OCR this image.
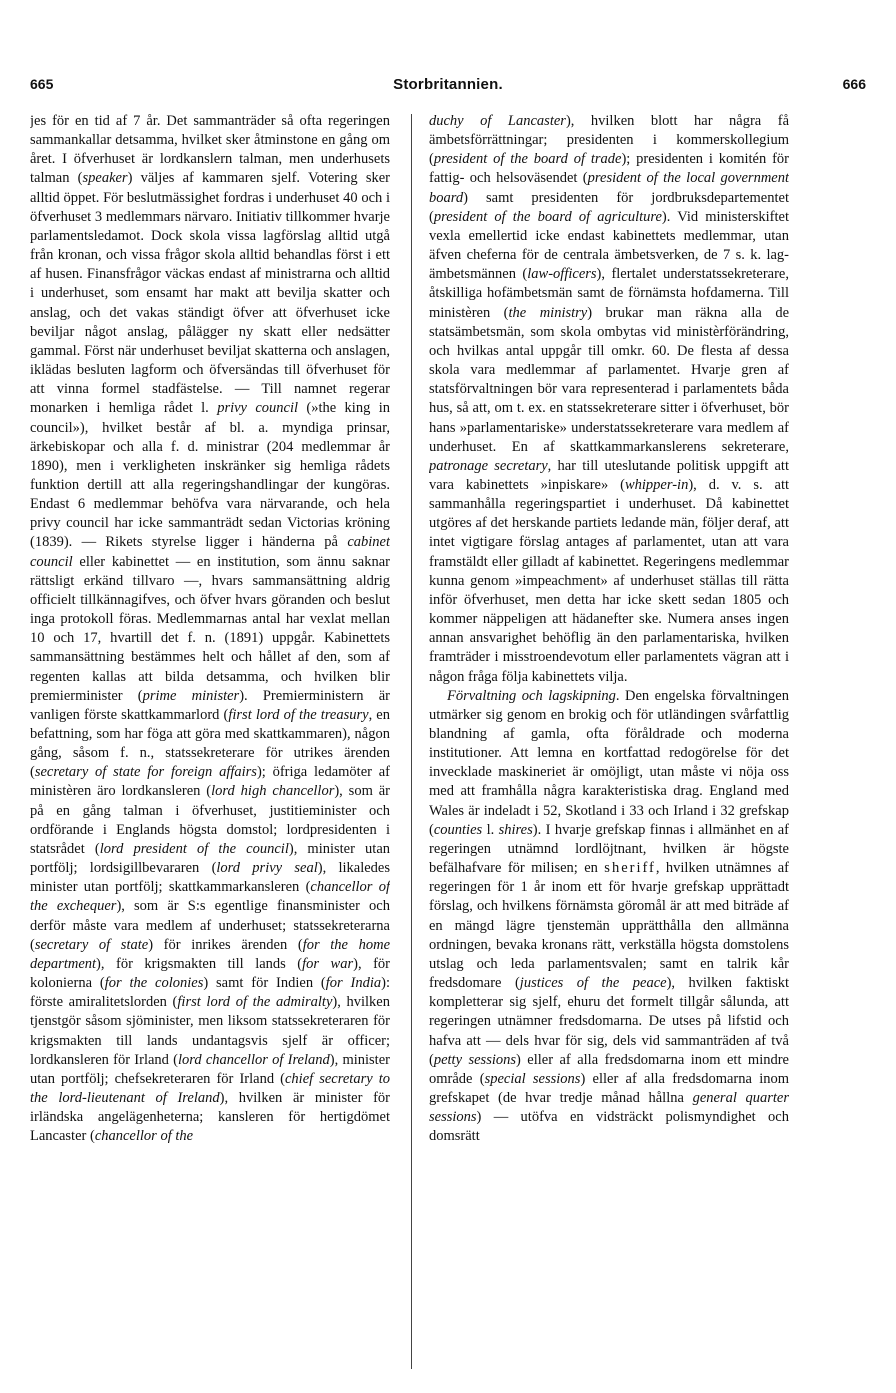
665	Storbritannien.	666

jes för en tid af 7 år. Det sammanträder så ofta regeringen sammankallar detsamma, hvilket sker åtminstone en gång om året. I öfverhuset är lordkanslern talman, men underhusets talman (speaker) väljes af kammaren sjelf. Votering sker alltid öppet. För beslutmässighet fordras i underhuset 40 och i öfverhuset 3 medlemmars närvaro. Initiativ tillkommer hvarje parlamentsledamot. Dock skola vissa lagförslag alltid utgå från kronan, och vissa frågor skola alltid behandlas först i ett af husen. Finansfrågor väckas endast af ministrarna och alltid i underhuset, som ensamt har makt att bevilja skatter och anslag, och det vakas ständigt öfver att öfverhuset icke beviljar något anslag, pålägger ny skatt eller nedsätter gammal. Först när underhuset beviljat skatterna och anslagen, iklädas besluten lagform och öfversändas till öfverhuset för att vinna formel stadfästelse. — Till namnet regerar monarken i hemliga rådet l. privy council (»the king in council»), hvilket består af bl. a. myndiga prinsar, ärkebiskopar och alla f. d. ministrar (204 medlemmar år 1890), men i verkligheten inskränker sig hemliga rådets funktion dertill att alla regeringshandlingar der kungöras. Endast 6 medlemmar behöfva vara närvarande, och hela privy council har icke sammanträdt sedan Victorias kröning (1839). — Rikets styrelse ligger i händerna på cabinet council eller kabinettet — en institution, som ännu saknar rättsligt erkänd tillvaro —, hvars sammansättning aldrig officielt tillkännagifves, och öfver hvars göranden och beslut inga protokoll föras. Medlemmarnas antal har vexlat mellan 10 och 17, hvartill det f. n. (1891) uppgår. Kabinettets sammansättning bestämmes helt och hållet af den, som af regenten kallas att bilda detsamma, och hvilken blir premierminister (prime minister). Premierministern är vanligen förste skattkammarlord (first lord of the treasury, en befattning, som har föga att göra med skattkammaren), någon gång, såsom f. n., statssekreterare för utrikes ärenden (secretary of state for foreign affairs); öfriga ledamöter af ministèren äro lordkansleren (lord high chancellor), som är på en gång talman i öfverhuset, justitieminister och ordförande i Englands högsta domstol; lordpresidenten i statsrådet (lord president of the council), minister utan portfölj; lordsigillbevararen (lord privy seal), likaledes minister utan portfölj; skattkammarkansleren (chancellor of the exchequer), som är S:s egentlige finansminister och derför måste vara medlem af underhuset; statssekreterarna (secretary of state) för inrikes ärenden (for the home department), för krigsmakten till lands (for war), för kolonierna (for the colonies) samt för Indien (for India): förste amiralitetslorden (first lord of the admiralty), hvilken tjenstgör såsom sjöminister, men liksom statssekreteraren för krigsmakten till lands undantagsvis sjelf är officer; lordkansleren för Irland (lord chancellor of Ireland), minister utan portfölj; chefsekreteraren för Irland (chief secretary to the lord-lieutenant of Ireland), hvilken är minister för irländska angelägenheterna; kansleren för hertigdömet Lancaster (chancellor of the

duchy of Lancaster), hvilken blott har några få ämbetsförrättningar; presidenten i kommerskollegium (president of the board of trade); presidenten i komitén för fattig- och helsoväsendet (president of the local government board) samt presidenten för jordbruksdepartementet (president of the board of agriculture). Vid ministerskiftet vexla emellertid icke endast kabinettets medlemmar, utan äfven cheferna för de centrala ämbetsverken, de 7 s. k. lag-ämbetsmännen (law-officers), flertalet understatssekreterare, åtskilliga hofämbetsmän samt de förnämsta hofdamerna. Till ministèren (the ministry) brukar man räkna alla de statsämbetsmän, som skola ombytas vid ministèrförändring, och hvilkas antal uppgår till omkr. 60. De flesta af dessa skola vara medlemmar af parlamentet. Hvarje gren af statsförvaltningen bör vara representerad i parlamentets båda hus, så att, om t. ex. en statssekreterare sitter i öfverhuset, bör hans »parlamentariske» understatssekreterare vara medlem af underhuset. En af skattkammarkanslerens sekreterare, patronage secretary, har till uteslutande politisk uppgift att vara kabinettets »inpiskare» (whipper-in), d. v. s. att sammanhålla regeringspartiet i underhuset. Då kabinettet utgöres af det herskande partiets ledande män, följer deraf, att intet vigtigare förslag antages af parlamentet, utan att vara framstäldt eller gilladt af kabinettet. Regeringens medlemmar kunna genom »impeachment» af underhuset ställas till rätta inför öfverhuset, men detta har icke skett sedan 1805 och kommer näppeligen att hädanefter ske. Numera anses ingen annan ansvarighet behöflig än den parlamentariska, hvilken framträder i misstroendevotum eller parlamentets vägran att i någon fråga följa kabinettets vilja.

Förvaltning och lagskipning. Den engelska förvaltningen utmärker sig genom en brokig och för utländingen svårfattlig blandning af gamla, ofta föråldrade och moderna institutioner. Att lemna en kortfattad redogörelse för det invecklade maskineriet är omöjligt, utan måste vi nöja oss med att framhålla några karakteristiska drag. England med Wales är indeladt i 52, Skotland i 33 och Irland i 32 grefskap (counties l. shires). I hvarje grefskap finnas i allmänhet en af regeringen utnämnd lordlöjtnant, hvilken är högste befälhafvare för milisen; en sheriff, hvilken utnämnes af regeringen för 1 år inom ett för hvarje grefskap upprättadt förslag, och hvilkens förnämsta göromål är att med biträde af en mängd lägre tjenstemän upprätthålla den allmänna ordningen, bevaka kronans rätt, verkställa högsta domstolens utslag och leda parlamentsvalen; samt en talrik kår fredsdomare (justices of the peace), hvilken faktiskt kompletterar sig sjelf, ehuru det formelt tillgår sålunda, att regeringen utnämner fredsdomarna. De utses på lifstid och hafva att — dels hvar för sig, dels vid sammanträden af två (petty sessions) eller af alla fredsdomarna inom ett mindre område (special sessions) eller af alla fredsdomarna inom grefskapet (de hvar tredje månad hållna general quarter sessions) — utöfva en vidsträckt polismyndighet och domsrätt
